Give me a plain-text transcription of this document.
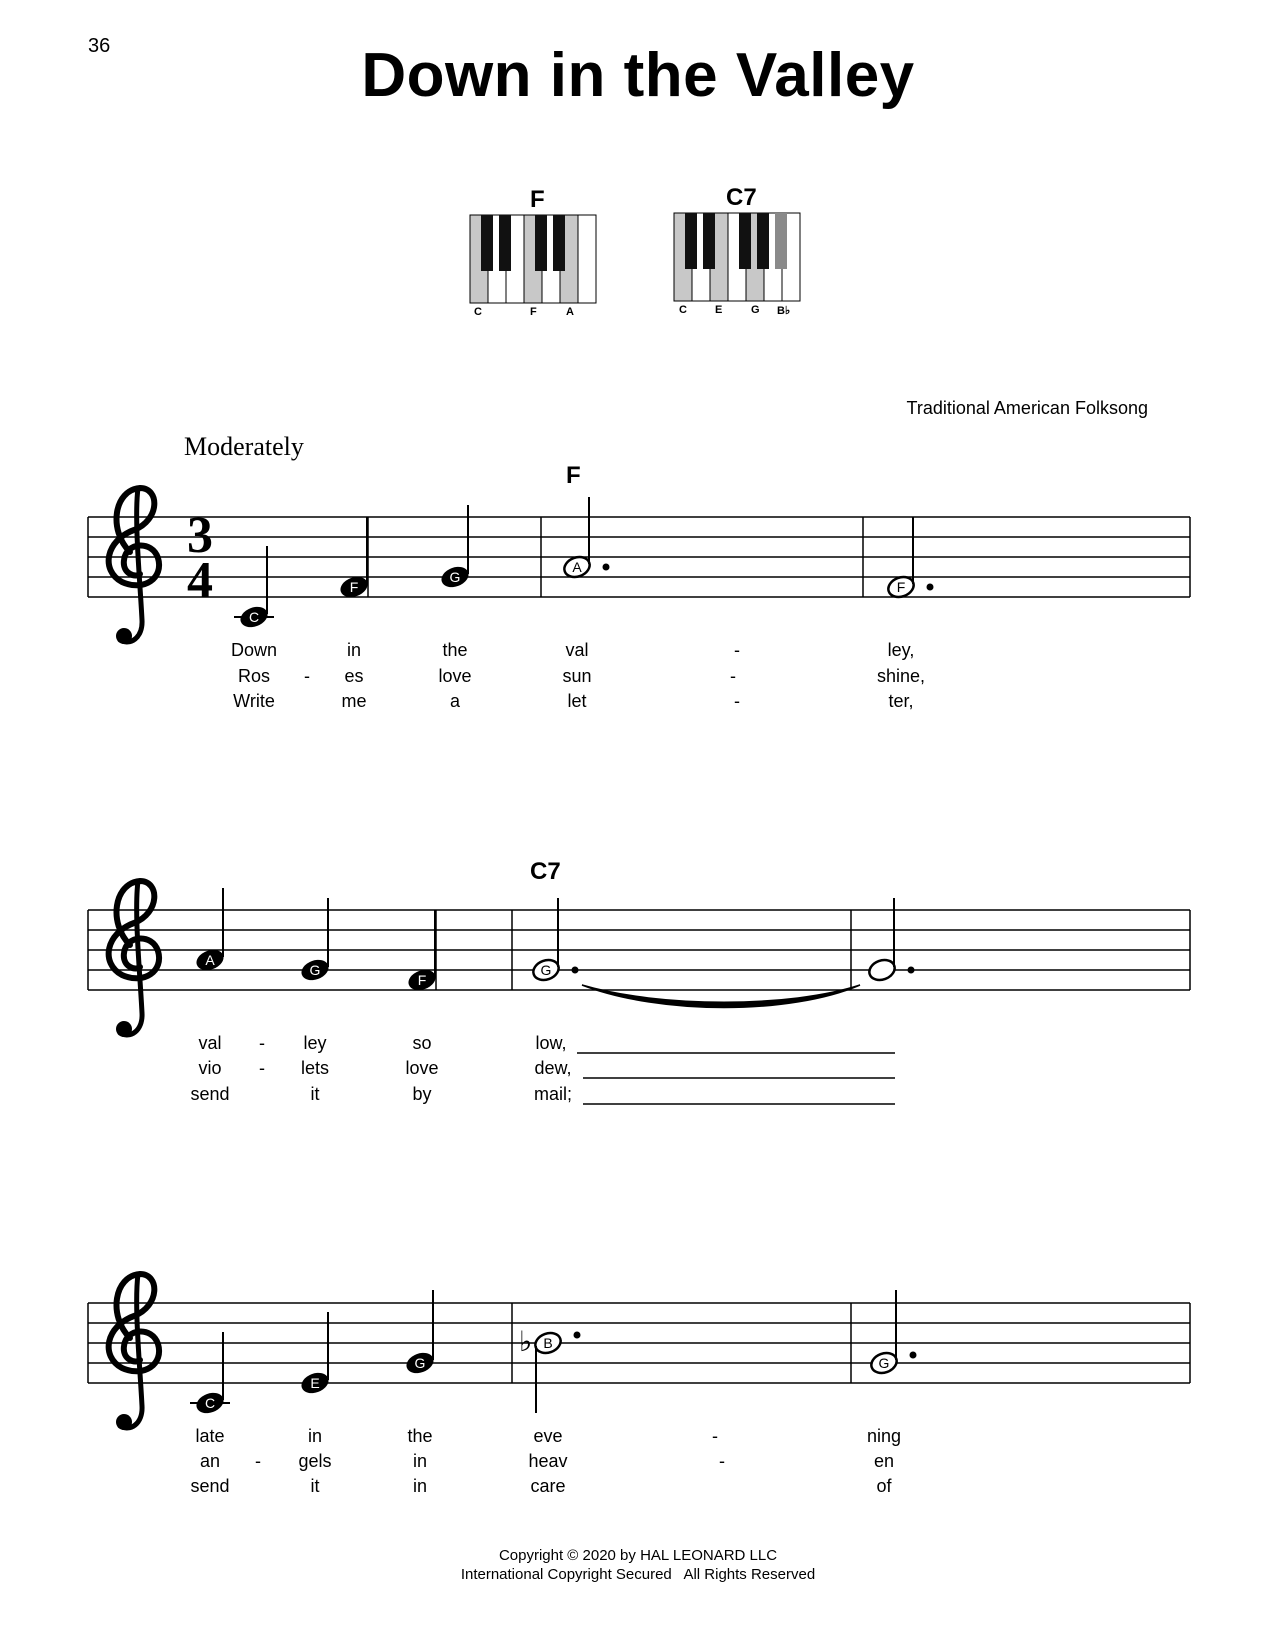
36	Down in the Valley
F	C7
C	F	A	C	E	G B♭
Traditional American Folksong
Moderately
F
C7
3
4
C
F
G
A
F
A
G
F
G
C
E
G
B
G
♭
Down	in	the	val	-	ley,
Ros - es	love	sun	-	shine,
Write	me	a	let	-	ter,
val - ley	so	low,
vio - lets	love	dew,
send	it	by	mail;
late	in	the	eve	-	ning
an - gels	in	heav	-	en
send	it	in	care	of
Copyright © 2020 by HAL LEONARD LLC
International Copyright Secured   All Rights Reserved
